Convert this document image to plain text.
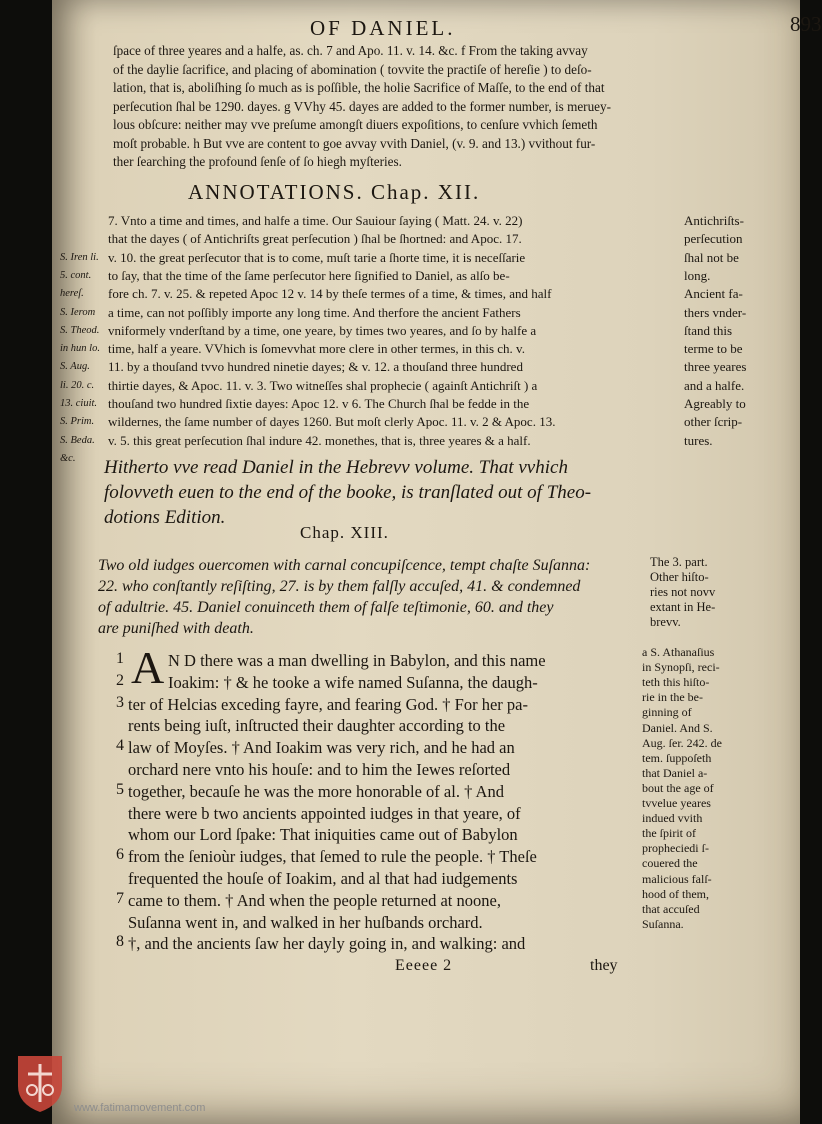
OF DANIEL.	893
ſpace of three yeares and a halfe, as. ch. 7 and Apo. 11. v. 14. &c. f From the taking avvay
of the daylie ſacrifice, and placing of abomination ( tovvite the practiſe of hereſie ) to deſo-
lation, that is, aboliſhing ſo much as is poſſible, the holie Sacrifice of Maſſe, to the end of that
perſecution ſhal be 1290. dayes. g VVhy 45. dayes are added to the former number, is meruey-
lous obſcure: neither may vve preſume amongſt diuers expoſitions, to cenſure vvhich ſemeth
moſt probable. h But vve are content to goe avvay vvith Daniel, (v. 9. and 13.) vvithout fur-
ther ſearching the profound ſenſe of ſo hiegh myſteries.
ANNOTATIONS. Chap. XII.
7. Vnto a time and times, and halfe a time. Our Sauiour ſaying ( Matt. 24. v. 22)
that the dayes ( of Antichriſts great perſecution ) ſhal be ſhortned: and Apoc. 17.
v. 10. the great perſecutor that is to come, muſt tarie a ſhorte time, it is neceſſarie
to ſay, that the time of the ſame perſecutor here ſignified to Daniel, as alſo be-
fore ch. 7. v. 25. & repeted Apoc 12 v. 14 by theſe termes of a time, & times, and half
a time, can not poſſibly importe any long time. And therfore the ancient Fathers
vniformely vnderſtand by a time, one yeare, by times two yeares, and ſo by halfe a
time, half a yeare. VVhich is ſomevvhat more clere in other termes, in this ch. v.
11. by a thouſand tvvo hundred ninetie dayes; & v. 12. a thouſand three hundred
thirtie dayes, & Apoc. 11. v. 3. Two witneſſes shal prophecie ( againſt Antichriſt ) a
thouſand two hundred ſixtie dayes: Apoc 12. v 6. The Church ſhal be fedde in the
wildernes, the ſame number of dayes 1260. But moſt clerly Apoc. 11. v. 2 & Apoc. 13.
v. 5. this great perſecution ſhal indure 42. monethes, that is, three yeares & a half.
Antichriſts-
perſecution
ſhal not be
long.
Ancient fa-
thers vnder-
ſtand this
terme to be
three yeares
and a halfe.
Agreably to
other ſcrip-
tures.
S. Iren li.
5. cont.
hereſ.
S. Ierom
S. Theod.
in hun lo.
S. Aug.
li. 20. c.
13. ciuit.
S. Prim.
S. Beda.
&c.	Hitherto vve read Daniel in the Hebrevv volume. That vvhich
folovveth euen to the end of the booke, is tranſlated out of Theo-
dotions Edition.
Chap. XIII.
Two old iudges ouercomen with carnal concupiſcence, tempt chaſte Suſanna:
22. who conſtantly reſiſting, 27. is by them falſly accuſed, 41. & condemned
of adultrie. 45. Daniel conuinceth them of falſe teſtimonie, 60. and they
are puniſhed with death.
The 3. part.
Other hiſto-
ries not novv
extant in He-
brevv.
A N D there was a man dwelling in Babylon, and this name
Ioakim: † & he tooke a wife named Suſanna, the daugh-
ter of Helcias exceding fayre, and fearing God. † For her pa-
rents being iuſt, inſtructed their daughter according to the
law of Moyſes. † And Ioakim was very rich, and he had an
orchard nere vnto his houſe: and to him the Iewes reſorted
together, becauſe he was the more honorable of al. † And
there were b two ancients appointed iudges in that yeare, of
whom our Lord ſpake: That iniquities came out of Babylon
from the ſenioùr iudges, that ſemed to rule the people. † Theſe
frequented the houſe of Ioakim, and al that had iudgements
came to them. † And when the people returned at noone,
Suſanna went in, and walked in her huſbands orchard.
†, and the ancients ſaw her dayly going in, and walking: and
1
2
3
4
5
6
7
8
a S. Athanaſius
in Synopſi, reci-
teth this hiſto-
rie in the be-
ginning of
Daniel. And S.
Aug. ſer. 242. de
tem. ſuppoſeth
that Daniel a-
bout the age of
tvvelue yeares
indued vvith
the ſpirit of
propheciedi ſ-
couered the
malicious falſ-
hood of them,
that accuſed
Suſanna.
Eeeee 2	they
www.fatimamovement.com
